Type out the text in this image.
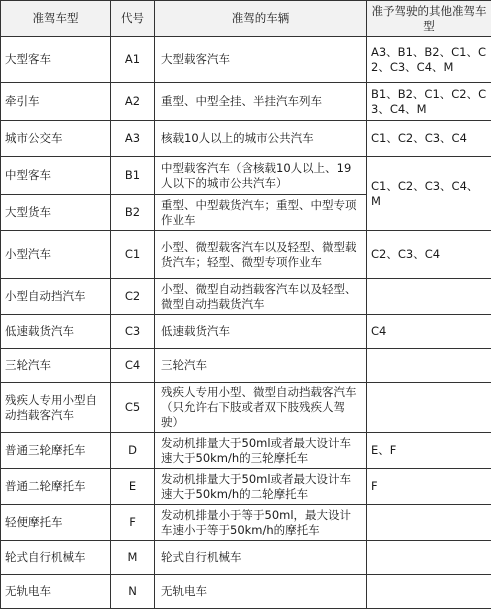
准驾车型	代号	准驾的车辆	准予驾驶的其他准驾车型
大型客车	A1	大型载客汽车	A3、B1、B2、C1、C2、C3、C4、M
牵引车	A2	重型、中型全挂、半挂汽车列车	B1、B2、C1、C2、C3、C4、M
城市公交车	A3	核载10人以上的城市公共汽车	C1、C2、C3、C4
中型客车	B1	中型载客汽车（含核载10人以上、19人以下的城市公共汽车）	C1、C2、C3、C4、M
大型货车	B2	重型、中型载货汽车；重型、中型专项作业车	
小型汽车	C1	小型、微型载客汽车以及轻型、微型载货汽车；轻型、微型专项作业车	C2、C3、C4
小型自动挡汽车	C2	小型、微型自动挡载客汽车以及轻型、微型自动挡载货汽车	
低速载货汽车	C3	低速载货汽车	C4
三轮汽车	C4	三轮汽车	
残疾人专用小型自动挡载客汽车	C5	残疾人专用小型、微型自动挡载客汽车（只允许右下肢或者双下肢残疾人驾驶）	
普通三轮摩托车	D	发动机排量大于50ml或者最大设计车速大于50km/h的三轮摩托车	E、F
普通二轮摩托车	E	发动机排量大于50ml或者最大设计车速大于50km/h的二轮摩托车	F
轻便摩托车	F	发动机排量小于等于50ml，最大设计车速小于等于50km/h的摩托车	
轮式自行机械车	M	轮式自行机械车	
无轨电车	N	无轨电车	
